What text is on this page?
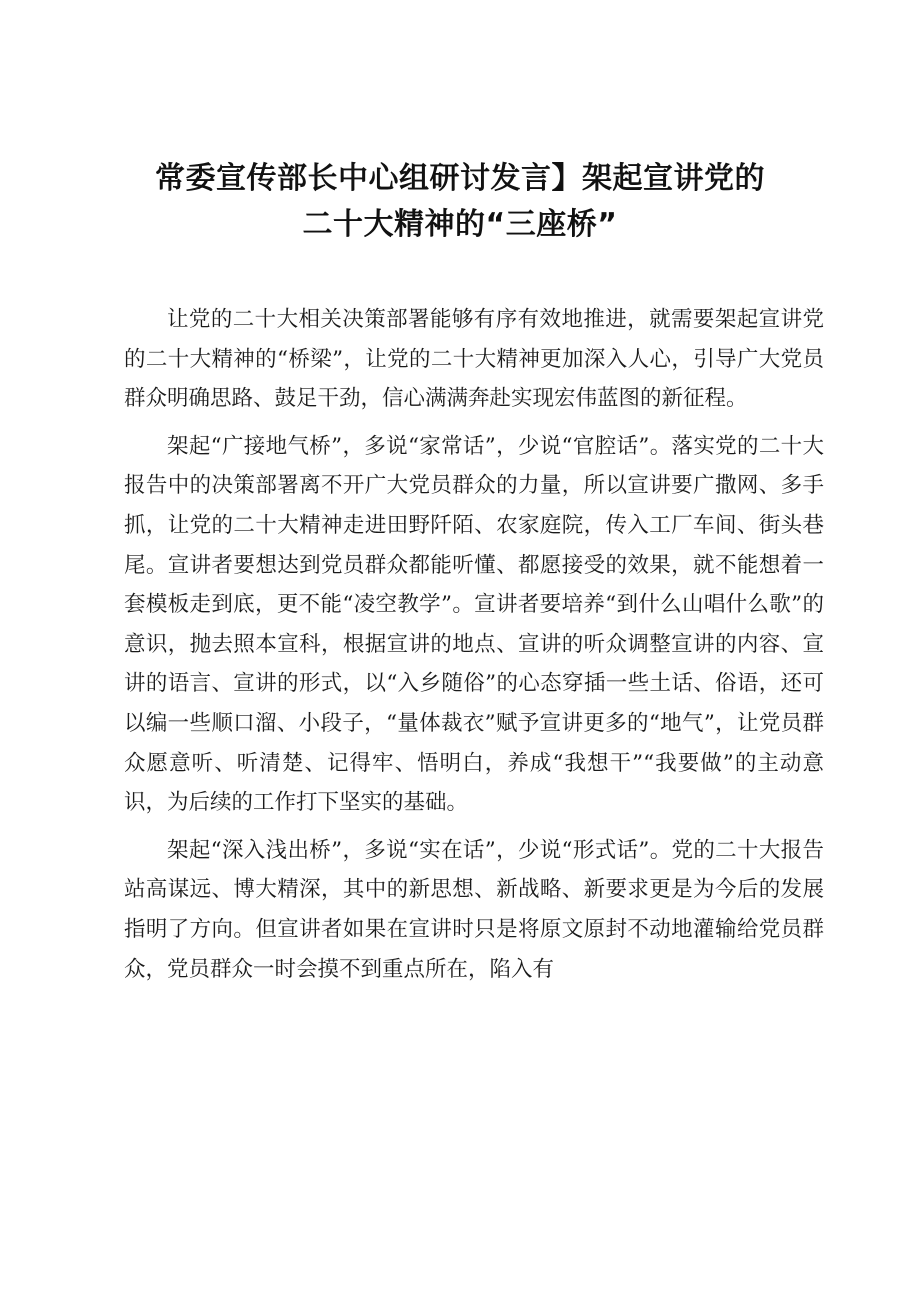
常委宣传部长中心组研讨发言】架起宣讲党的
二十大精神的“三座桥”

让党的二十大相关决策部署能够有序有效地推进，就需要架起宣讲党的二十大精神的“桥梁”，让党的二十大精神更加深入人心，引导广大党员群众明确思路、鼓足干劲，信心满满奔赴实现宏伟蓝图的新征程。

架起“广接地气桥”，多说“家常话”，少说“官腔话”。落实党的二十大报告中的决策部署离不开广大党员群众的力量，所以宣讲要广撒网、多手抓，让党的二十大精神走进田野阡陌、农家庭院，传入工厂车间、街头巷尾。宣讲者要想达到党员群众都能听懂、都愿接受的效果，就不能想着一套模板走到底，更不能“凌空教学”。宣讲者要培养“到什么山唱什么歌”的意识，抛去照本宣科，根据宣讲的地点、宣讲的听众调整宣讲的内容、宣讲的语言、宣讲的形式，以“入乡随俗”的心态穿插一些土话、俗语，还可以编一些顺口溜、小段子，“量体裁衣”赋予宣讲更多的“地气”，让党员群众愿意听、听清楚、记得牢、悟明白，养成“我想干”“我要做”的主动意识，为后续的工作打下坚实的基础。

架起“深入浅出桥”，多说“实在话”，少说“形式话”。党的二十大报告站高谋远、博大精深，其中的新思想、新战略、新要求更是为今后的发展指明了方向。但宣讲者如果在宣讲时只是将原文原封不动地灌输给党员群众，党员群众一时会摸不到重点所在，陷入有
